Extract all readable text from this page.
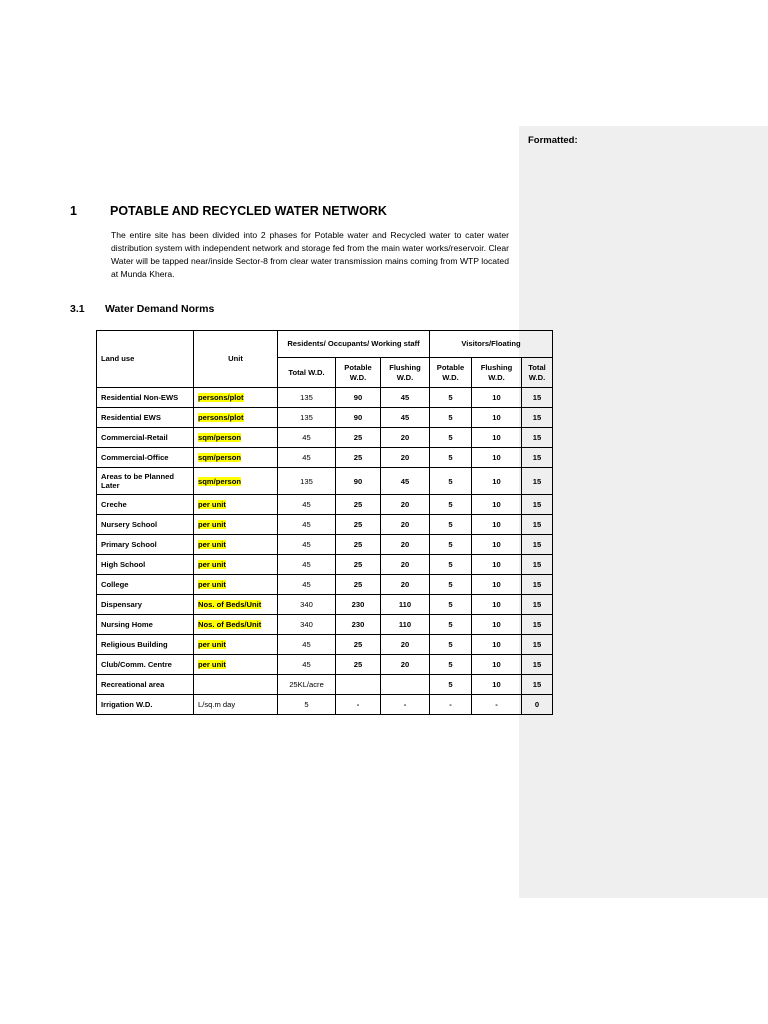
Formatted:
1	POTABLE AND RECYCLED WATER NETWORK
The entire site has been divided into 2 phases for Potable water and Recycled water to cater water distribution system with independent network and storage fed from the main water works/reservoir. Clear Water will be tapped near/inside Sector-8 from clear water transmission mains coming from WTP located at Munda Khera.
3.1 Water Demand Norms
Land use	Unit	Residents/ Occupants/ Working staff			Visitors/Floating		
		Total W.D.	Potable W.D.	Flushing W.D.	Potable W.D.	Flushing W.D.	Total W.D.
Residential Non-EWS	persons/plot	135	90	45	5	10	15
Residential EWS	persons/plot	135	90	45	5	10	15
Commercial-Retail	sqm/person	45	25	20	5	10	15
Commercial-Office	sqm/person	45	25	20	5	10	15
Areas to be Planned Later	sqm/person	135	90	45	5	10	15
Creche	per unit	45	25	20	5	10	15
Nursery School	per unit	45	25	20	5	10	15
Primary School	per unit	45	25	20	5	10	15
High School	per unit	45	25	20	5	10	15
College	per unit	45	25	20	5	10	15
Dispensary	Nos. of Beds/Unit	340	230	110	5	10	15
Nursing Home	Nos. of Beds/Unit	340	230	110	5	10	15
Religious Building	per unit	45	25	20	5	10	15
Club/Comm. Centre	per unit	45	25	20	5	10	15
Recreational area		25KL/acre			5	10	15
Irrigation W.D.	L/sq.m day	5	-	-	-	-	0
